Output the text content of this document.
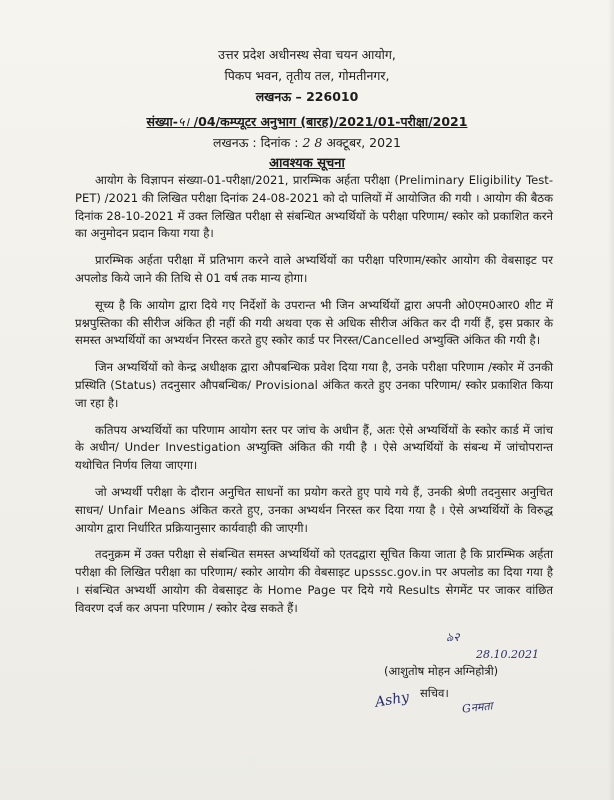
उत्तर प्रदेश अधीनस्थ सेवा चयन आयोग,
पिकप भवन, तृतीय तल, गोमतीनगर,
लखनऊ – 226010
संख्या-५। /04/कम्प्यूटर अनुभाग (बारह)/2021/01-परीक्षा/2021
लखनऊ : दिनांक : 2 8 अक्टूबर, 2021
आवश्यक सूचना

आयोग के विज्ञापन संख्या-01-परीक्षा/2021, प्रारम्भिक अर्हता परीक्षा (Preliminary Eligibility Test-PET) /2021 की लिखित परीक्षा दिनांक 24-08-2021 को दो पालियों में आयोजित की गयी । आयोग की बैठक दिनांक 28-10-2021 में उक्त लिखित परीक्षा से संबन्धित अभ्यर्थियों के परीक्षा परिणाम/ स्कोर को प्रकाशित करने का अनुमोदन प्रदान किया गया है।

प्रारम्भिक अर्हता परीक्षा में प्रतिभाग करने वाले अभ्यर्थियों का परीक्षा परिणाम/स्कोर आयोग की वेबसाइट पर अपलोड किये जाने की तिथि से 01 वर्ष तक मान्य होगा।

सूच्य है कि आयोग द्वारा दिये गए निर्देशों के उपरान्त भी जिन अभ्यर्थियों द्वारा अपनी ओ0एम0आर0 शीट में प्रश्नपुस्तिका की सीरीज अंकित ही नहीं की गयी अथवा एक से अधिक सीरीज अंकित कर दी गयीं हैं, इस प्रकार के समस्त अभ्यर्थियों का अभ्यर्थन निरस्त करते हुए स्कोर कार्ड पर निरस्त/Cancelled अभ्युक्ति अंकित की गयी है।

जिन अभ्यर्थियों को केन्द्र अधीक्षक द्वारा औपबन्धिक प्रवेश दिया गया है, उनके परीक्षा परिणाम /स्कोर में उनकी प्रस्थिति (Status) तदनुसार औपबन्धिक/ Provisional अंकित करते हुए उनका परिणाम/ स्कोर प्रकाशित किया जा रहा है।

कतिपय अभ्यर्थियों का परिणाम आयोग स्तर पर जांच के अधीन हैं, अतः ऐसे अभ्यर्थियों के स्कोर कार्ड में जांच के अधीन/ Under Investigation अभ्युक्ति अंकित की गयी है । ऐसे अभ्यर्थियों के संबन्ध में जांचोपरान्त यथोचित निर्णय लिया जाएगा।

जो अभ्यर्थी परीक्षा के दौरान अनुचित साधनों का प्रयोग करते हुए पाये गये हैं, उनकी श्रेणी तदनुसार अनुचित साधन/ Unfair Means अंकित करते हुए, उनका अभ्यर्थन निरस्त कर दिया गया है । ऐसे अभ्यर्थियों के विरुद्ध आयोग द्वारा निर्धारित प्रक्रियानुसार कार्यवाही की जाएगी।

तदनुक्रम में उक्त परीक्षा से संबन्धित समस्त अभ्यर्थियों को एतदद्वारा सूचित किया जाता है कि प्रारम्भिक अर्हता परीक्षा की लिखित परीक्षा का परिणाम/ स्कोर आयोग की वेबसाइट upsssc.gov.in पर अपलोड का दिया गया है । संबन्धित अभ्यर्थी आयोग की वेबसाइट के Home Page पर दिये गये Results सेगमेंट पर जाकर वांछित विवरण दर्ज कर अपना परिणाम / स्कोर देख सकते हैं।

ঌ२
28.10.2021
(आशुतोष मोहन अग्निहोत्री)
सचिव।
Ashy	Gनमता
